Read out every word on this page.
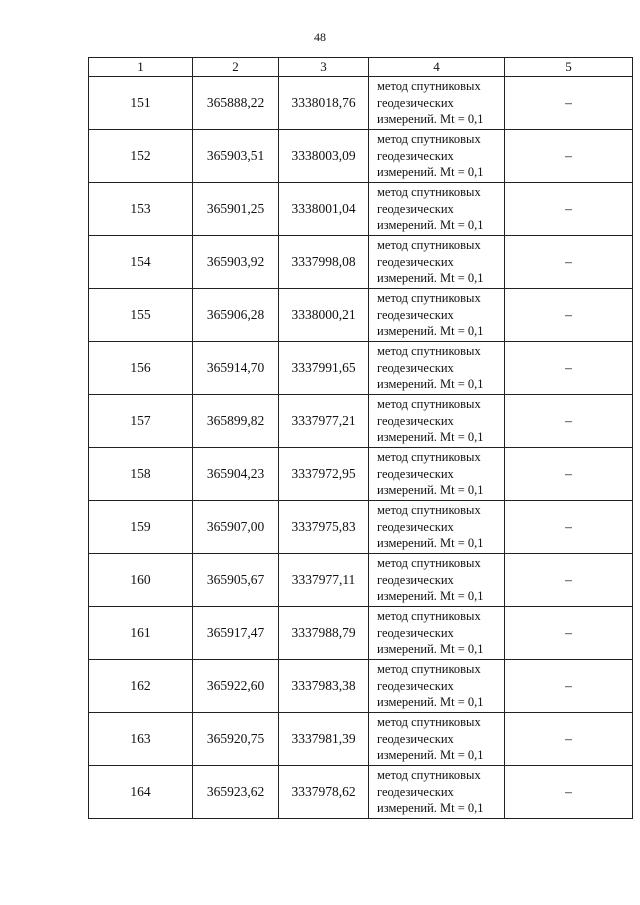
48
1	2	3	4	5
151	365888,22	3338018,76	метод спутниковых
геодезических
измерений. Mt = 0,1	–
152	365903,51	3338003,09	метод спутниковых
геодезических
измерений. Mt = 0,1	–
153	365901,25	3338001,04	метод спутниковых
геодезических
измерений. Mt = 0,1	–
154	365903,92	3337998,08	метод спутниковых
геодезических
измерений. Mt = 0,1	–
155	365906,28	3338000,21	метод спутниковых
геодезических
измерений. Mt = 0,1	–
156	365914,70	3337991,65	метод спутниковых
геодезических
измерений. Mt = 0,1	–
157	365899,82	3337977,21	метод спутниковых
геодезических
измерений. Mt = 0,1	–
158	365904,23	3337972,95	метод спутниковых
геодезических
измерений. Mt = 0,1	–
159	365907,00	3337975,83	метод спутниковых
геодезических
измерений. Mt = 0,1	–
160	365905,67	3337977,11	метод спутниковых
геодезических
измерений. Mt = 0,1	–
161	365917,47	3337988,79	метод спутниковых
геодезических
измерений. Mt = 0,1	–
162	365922,60	3337983,38	метод спутниковых
геодезических
измерений. Mt = 0,1	–
163	365920,75	3337981,39	метод спутниковых
геодезических
измерений. Mt = 0,1	–
164	365923,62	3337978,62	метод спутниковых
геодезических
измерений. Mt = 0,1	–
